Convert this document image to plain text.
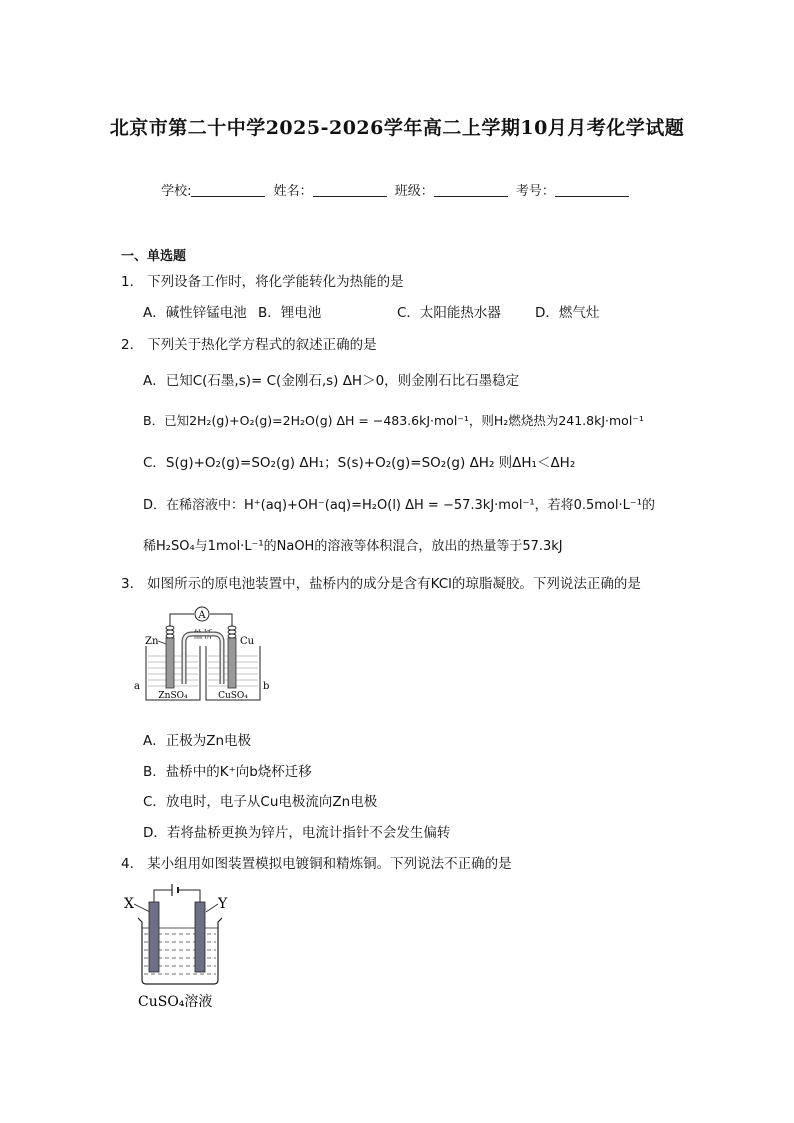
北京市第二十中学2025-2026学年高二上学期10月月考化学试题
学校:	姓名：	班级：	考号：
一、单选题
1． 下列设备工作时，将化学能转化为热能的是
A．碱性锌锰电池 B．锂电池	C．太阳能热水器	D．燃气灶
2． 下列关于热化学方程式的叙述正确的是
A．已知C(石墨,s)= C(金刚石,s) ΔH＞0，则金刚石比石墨稳定
B．已知2H₂(g)+O₂(g)=2H₂O(g) ΔH = −483.6kJ·mol⁻¹，则H₂燃烧热为241.8kJ·mol⁻¹
C．S(g)+O₂(g)=SO₂(g) ΔH₁；S(s)+O₂(g)=SO₂(g) ΔH₂ 则ΔH₁＜ΔH₂
D．在稀溶液中：H⁺(aq)+OH⁻(aq)=H₂O(l) ΔH = −57.3kJ·mol⁻¹，若将0.5mol·L⁻¹的
稀H₂SO₄与1mol·L⁻¹的NaOH的溶液等体积混合，放出的热量等于57.3kJ
3． 如图所示的原电池装置中，盐桥内的成分是含有KCl的琼脂凝胶。下列说法正确的是
A
Zn
盐桥
Cu
a	b
ZnSO₄	CuSO₄
A．正极为Zn电极
B．盐桥中的K⁺向b烧杯迁移
C．放电时，电子从Cu电极流向Zn电极
D．若将盐桥更换为锌片，电流计指针不会发生偏转
4． 某小组用如图装置模拟电镀铜和精炼铜。下列说法不正确的是
X	Y
CuSO₄溶液
